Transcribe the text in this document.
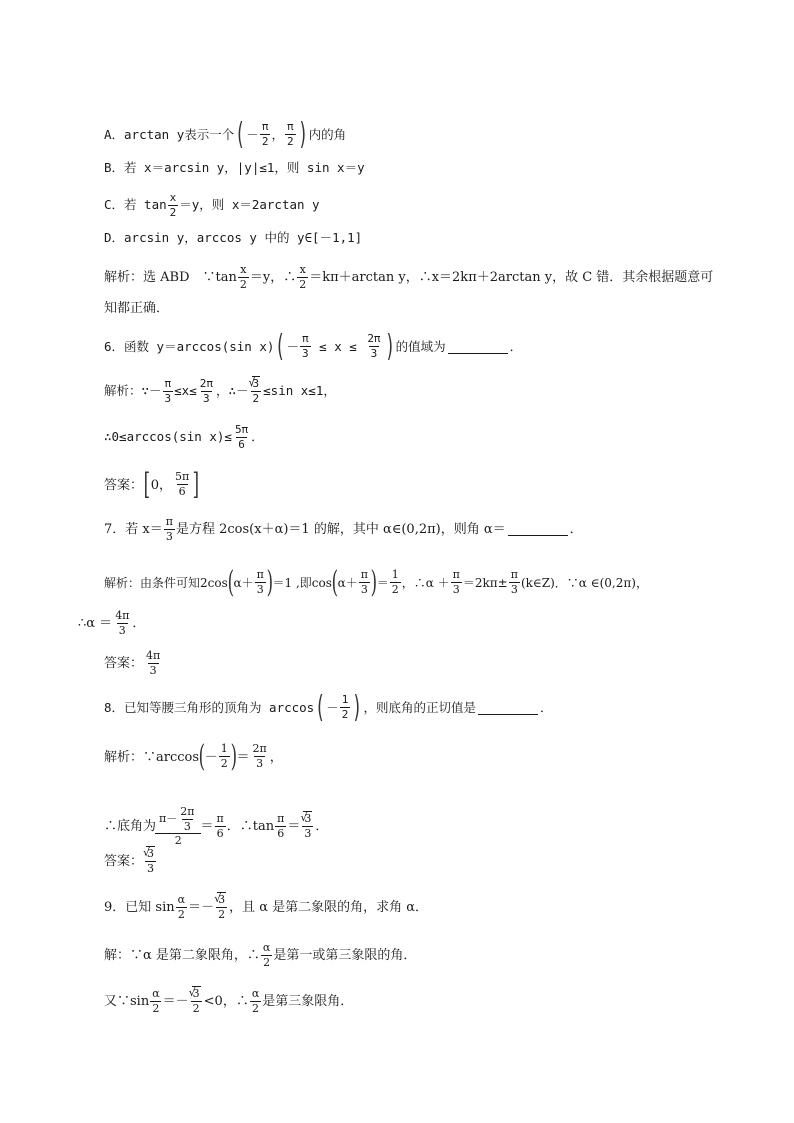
A．arctan y表示一个 ( － $\frac{\pi}{2}$ ， $\frac{\pi}{2}$ ) 内的角
B．若 x＝arcsin y，|y|≤1，则 sin x＝y
C．若 $\tan \frac{x}{2} =y$，则 x＝2arctan y
D．arcsin y，arccos y 中的 y∈[－1,1]
解析：选 ABD　∵tan $\frac{x}{2} =y$，∴ $\frac{x}{2} =k\pi+\arctan$ y，∴x＝2kπ＋2arctan y，故 C 错．其余根据题意可
知都正确．
6．函数 y＝arccos(sin x) ( － $\frac{\pi}{3} \le x \le \frac{2\pi}{3}$ ) 的值域为	．
解析：∵－ $\frac{\pi}{3} \le x\le \frac{2\pi}{3}$ ，∴－ √ $\frac{3}{2} \le\sin$ x≤1，
∴0≤arccos(sin $x)\le \frac{5\pi}{6}$ ．
答案： [ 0， $\frac{5\pi}{6}$ ]
7．若 $x= \frac{\pi}{3}$ 是方程 2cos(x＋α)＝1 的解，其中 α∈(0,2π)，则角 α＝	．
解析：由条件可知2cos ( $\alpha+ \frac{\pi}{3}$ ) ＝1 ,即cos ( $\alpha+ \frac{\pi}{3}$ ) ＝ $\frac{1}{2}$ ，∴α ＋ $\frac{\pi}{3} =2k\pi\pm \frac{\pi}{3}$ (k∈Z)．∵α ∈(0,2π)，
∴α ＝ $\frac{4\pi}{3}$ ．
答案： $\frac{4\pi}{3}$
8．已知等腰三角形的顶角为 arccos ( － $\frac{1}{2}$ ) ，则底角的正切值是	．
解析：∵arccos ( － $\frac{1}{2}$ ) ＝ $\frac{2\pi}{3}$ ，
∴底角为 $\frac{\pi- \frac{2\pi}{3}}{2} = \frac{\pi}{6}$ ．∴tan $\frac{\pi}{6}$ ＝ √ $\frac{3}{3}$ ．
答案： √ $\frac{3}{3}$
9．已知 $\sin \frac{\alpha}{2}$ ＝－ √ $\frac{3}{2}$ ，且 α 是第二象限的角，求角 α．
解：∵α 是第二象限角，∴ $\frac{\alpha}{2}$ 是第一或第三象限的角．
又∵sin $\frac{\alpha}{2}$ ＝－ √ $\frac{3}{2} <0$，∴ $\frac{\alpha}{2}$ 是第三象限角．
